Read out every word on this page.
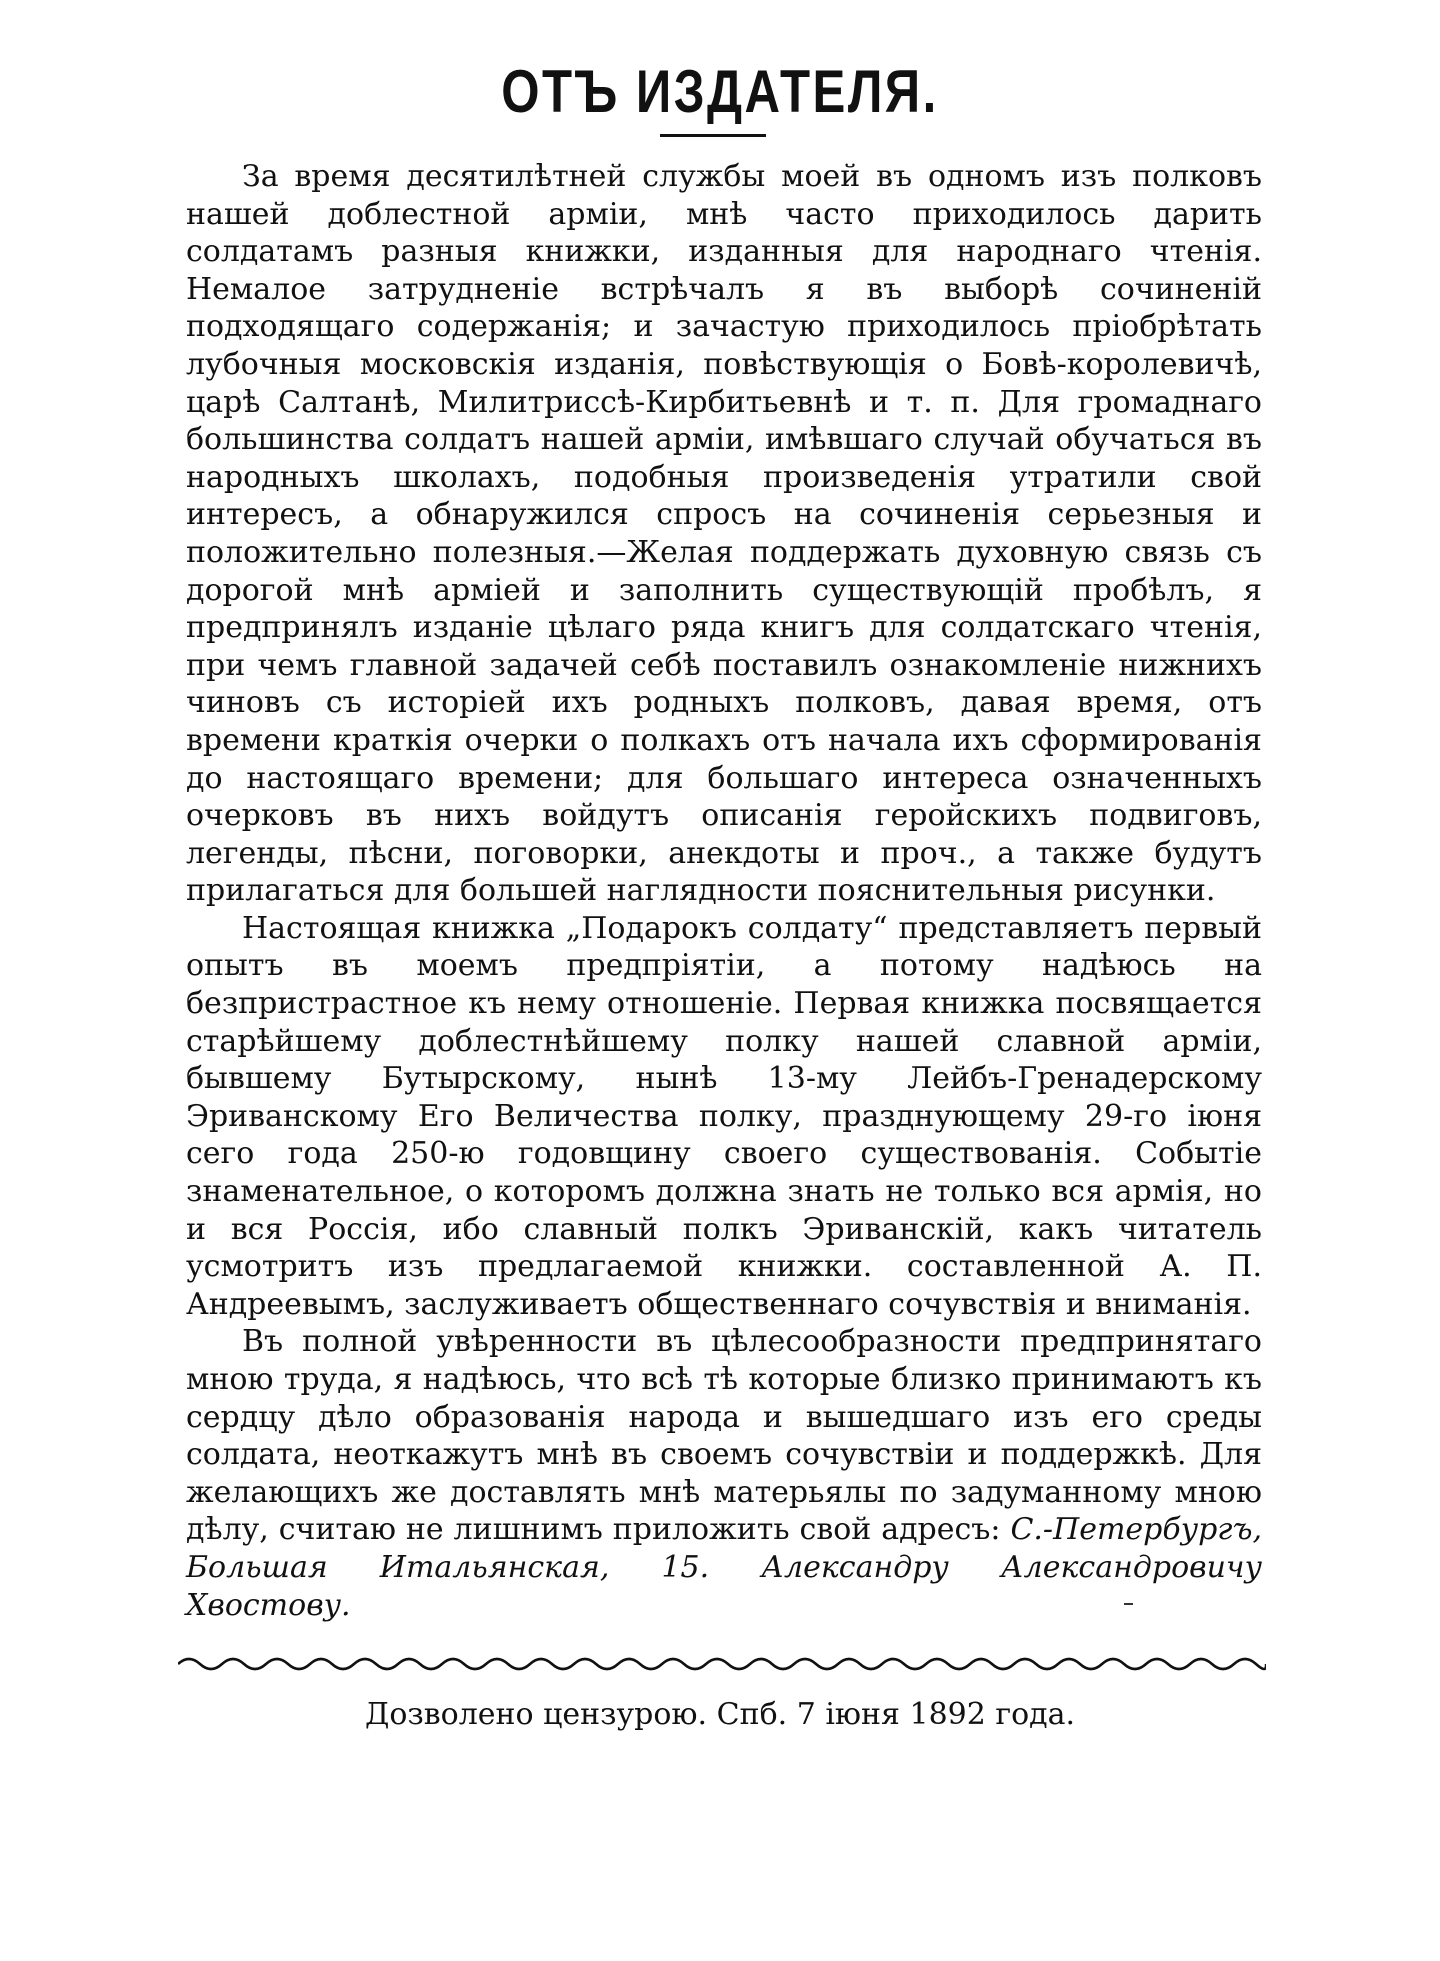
ОТЪ ИЗДАТЕЛЯ.

За время десятилѣтней службы моей въ одномъ изъ полковъ нашей доблестной арміи, мнѣ часто приходилось дарить солдатамъ разныя книжки, изданныя для народнаго чтенія. Немалое затрудненіе встрѣчалъ я въ выборѣ сочиненій подходящаго содержанія; и зачастую приходилось пріобрѣтать лубочныя московскія изданія, повѣствующія о Бовѣ-королевичѣ, царѣ Салтанѣ, Милитриссѣ-Кирбитьевнѣ и т. п. Для громаднаго большинства солдатъ нашей арміи, имѣвшаго случай обучаться въ народныхъ школахъ, подобныя произведенія утратили свой интересъ, а обнаружился спросъ на сочиненія серьезныя и положительно полезныя.—Желая поддержать духовную связь съ дорогой мнѣ арміей и заполнить существующій пробѣлъ, я предпринялъ изданіе цѣлаго ряда книгъ для солдатскаго чтенія, при чемъ главной задачей себѣ поставилъ ознакомленіе нижнихъ чиновъ съ исторіей ихъ родныхъ полковъ, давая время, отъ времени краткія очерки о полкахъ отъ начала ихъ сформированія до настоящаго времени; для большаго интереса означенныхъ очерковъ въ нихъ войдутъ описанія геройскихъ подвиговъ, легенды, пѣсни, поговорки, анекдоты и проч., а также будутъ прилагаться для большей наглядности пояснительныя рисунки.

Настоящая книжка „Подарокъ солдату“ представляетъ первый опытъ въ моемъ предпріятіи, а потому надѣюсь на безпристрастное къ нему отношеніе. Первая книжка посвящается старѣйшему доблестнѣйшему полку нашей славной арміи, бывшему Бутырскому, нынѣ 13-му Лейбъ-Гренадерскому Эриванскому Его Величества полку, празднующему 29-го іюня сего года 250-ю годовщину своего существованія. Событіе знаменательное, о которомъ должна знать не только вся армія, но и вся Россія, ибо славный полкъ Эриванскій, какъ читатель усмотритъ изъ предлагаемой книжки. составленной А. П. Андреевымъ, заслуживаетъ общественнаго сочувствія и вниманія.

Въ полной увѣренности въ цѣлесообразности предпринятаго мною труда, я надѣюсь, что всѣ тѣ которые близко принимаютъ къ сердцу дѣло образованія народа и вышедшаго изъ его среды солдата, неоткажутъ мнѣ въ своемъ сочувствіи и поддержкѣ. Для желающихъ же доставлять мнѣ матерьялы по задуманному мною дѣлу, считаю не лишнимъ приложить свой адресъ: С.-Петербургъ, Большая Итальянская, 15. Александру Александровичу Хвостову.

Дозволено цензурою. Спб. 7 іюня 1892 года.
